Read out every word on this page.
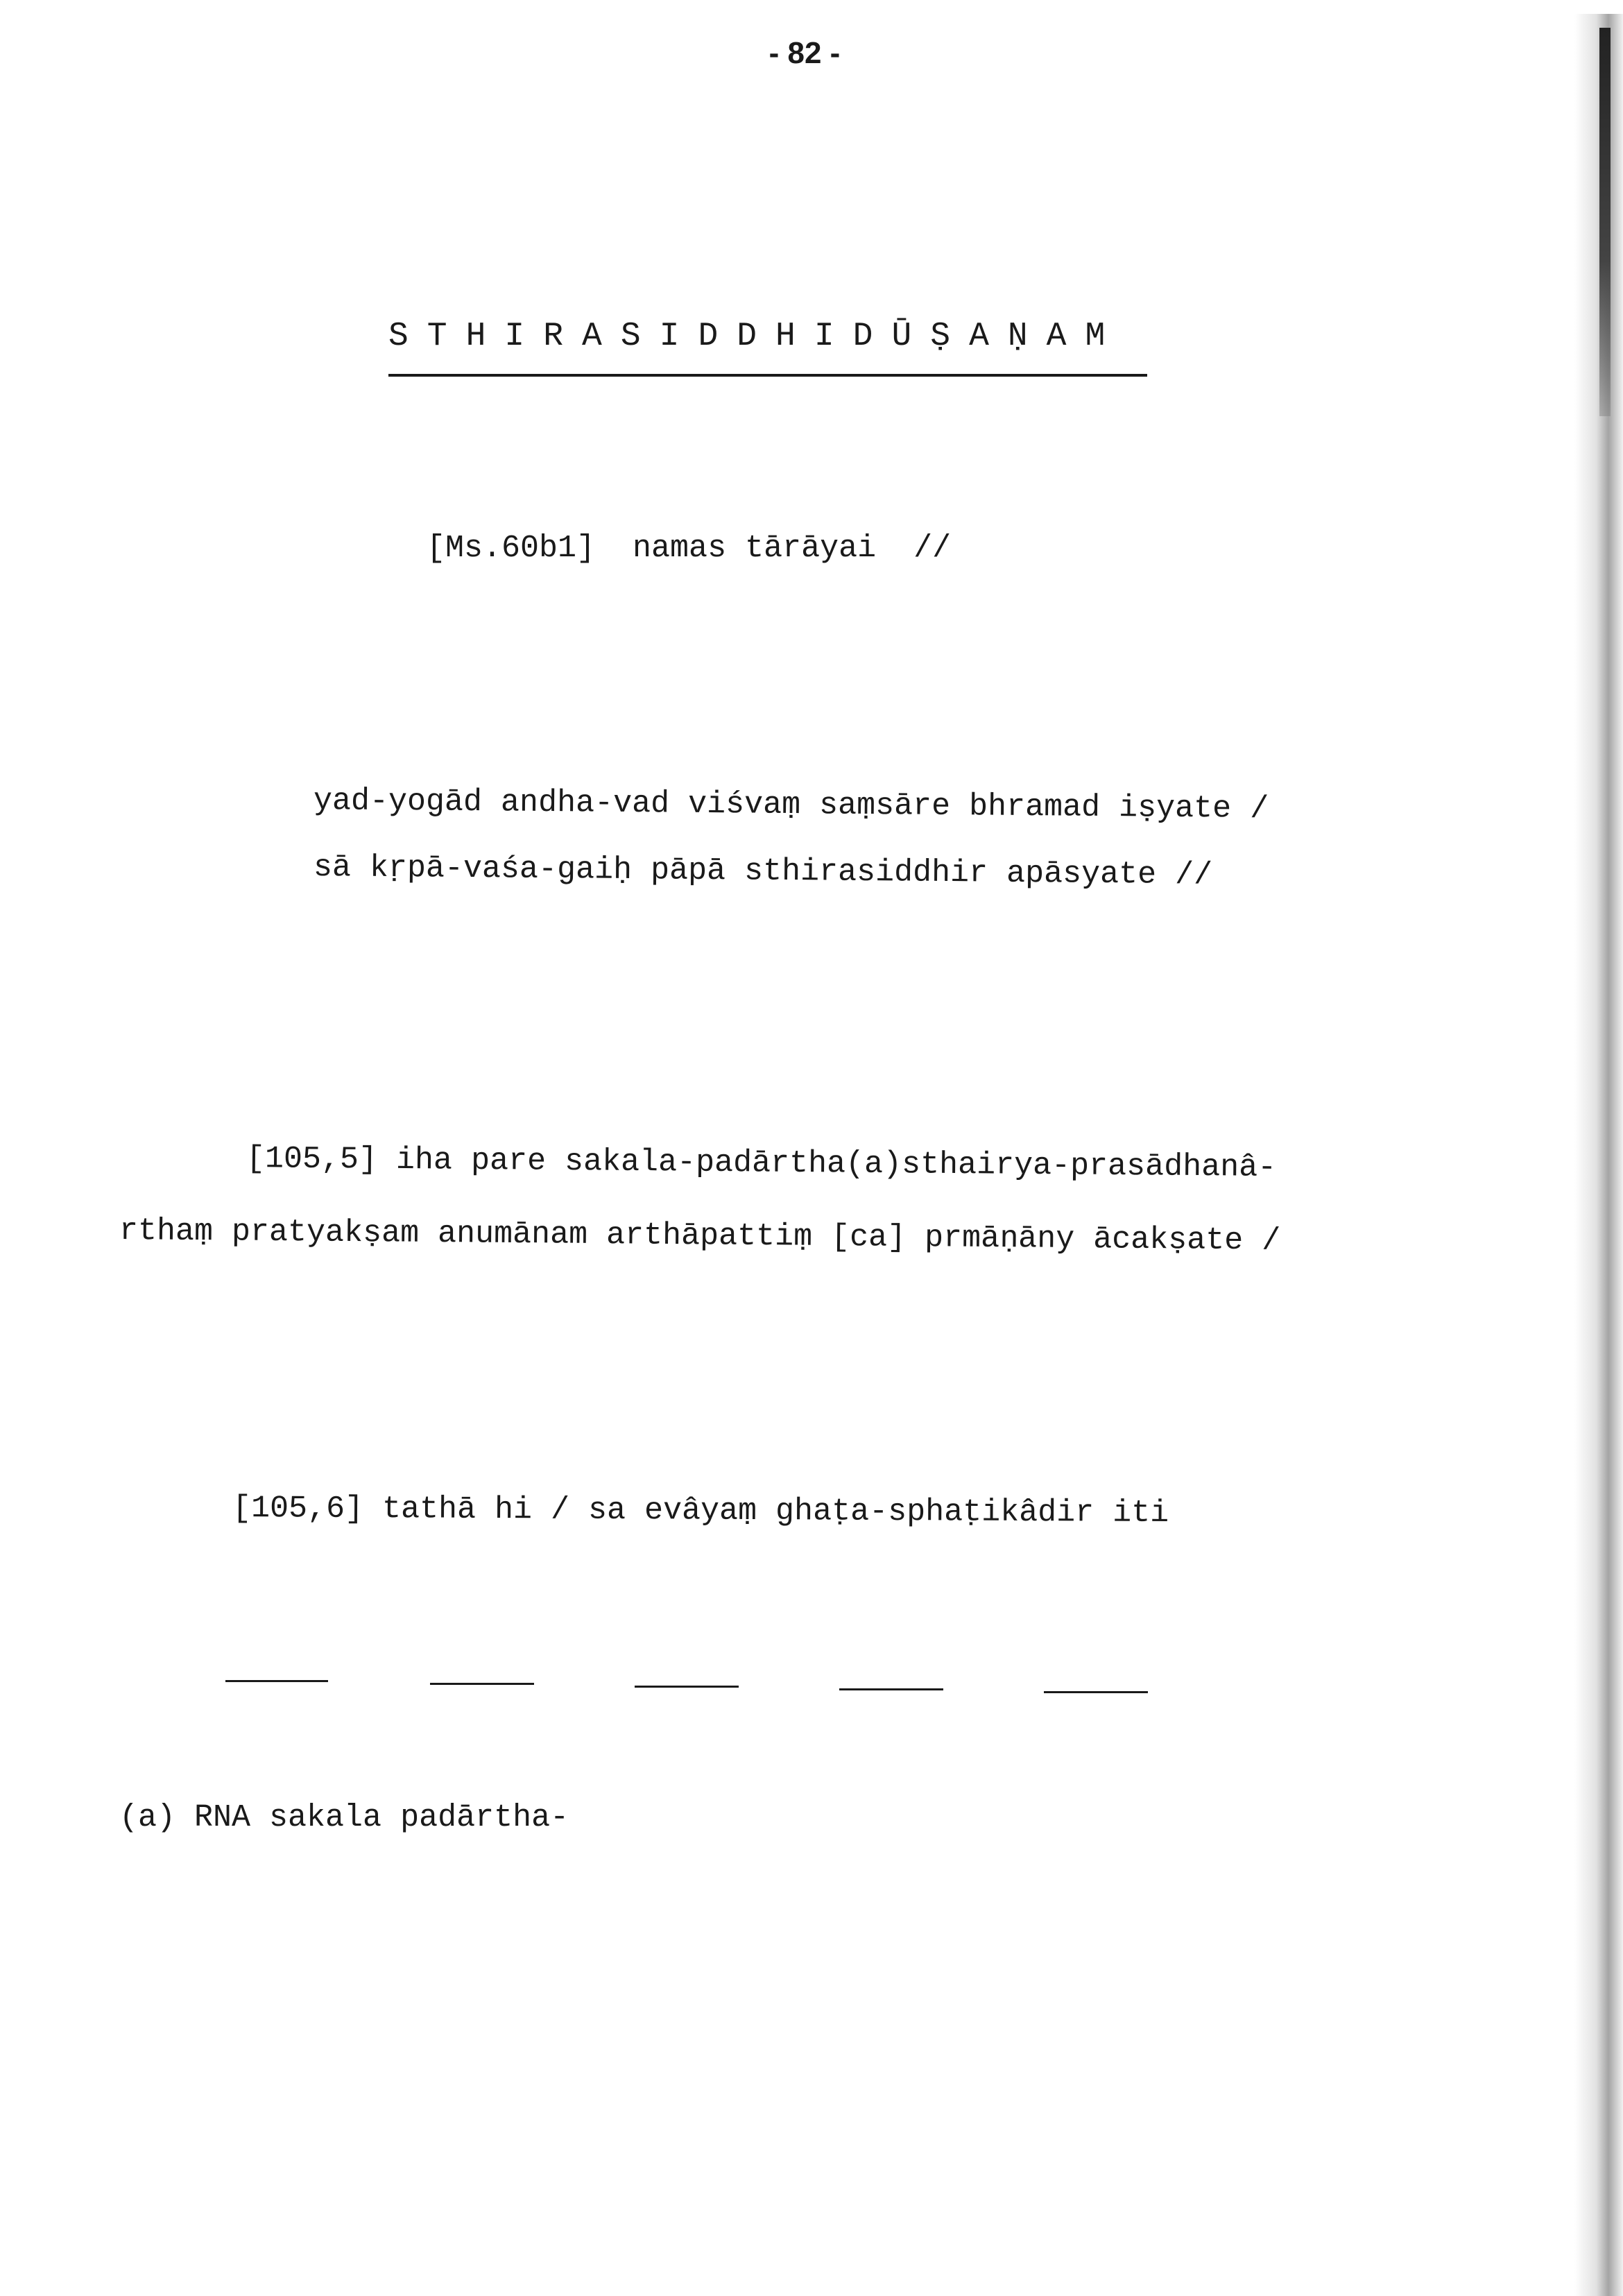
- 82 -
STHIRASIDDHIDŪṢAṆAM
[Ms.60b1]  namas tārāyai  //
yad-yogād andha-vad viśvaṃ saṃsāre bhramad iṣyate /
sā kṛpā-vaśa-gaiḥ pāpā sthirasiddhir apāsyate //
[105,5] iha pare sakala-padārtha(a)sthairya-prasādhanâ-
rthaṃ pratyakṣam anumānam arthāpattiṃ [ca] prmāṇāny ācakṣate /
[105,6] tathā hi / sa evâyaṃ ghaṭa-sphaṭikâdir iti
(a) RNA sakala padārtha-
